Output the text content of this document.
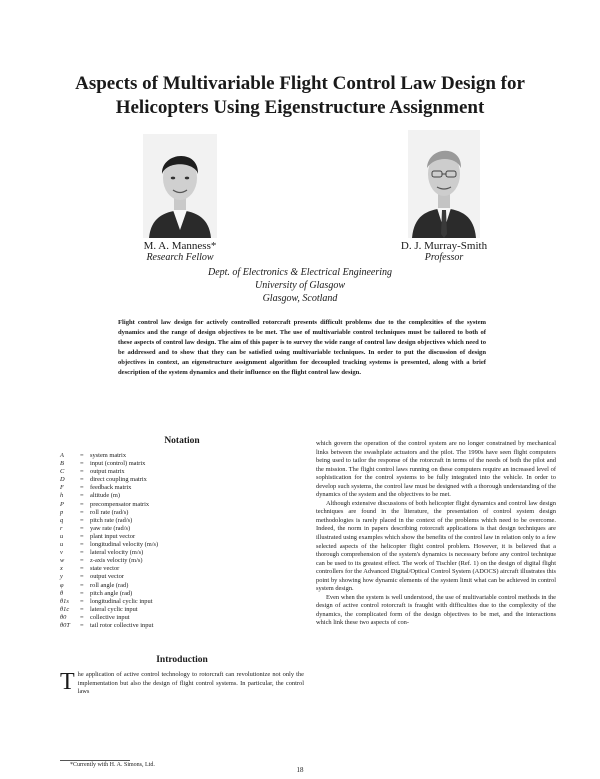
Aspects of Multivariable Flight Control Law Design for
Helicopters Using Eigenstructure Assignment
M. A. Manness*
Research Fellow
D. J. Murray-Smith
Professor
Dept. of Electronics & Electrical Engineering
University of Glasgow
Glasgow, Scotland
Flight control law design for actively controlled rotorcraft presents difficult problems due to the complexities of the system dynamics and the range of design objectives to be met. The use of multivariable control techniques must be tailored to both of these aspects of control law design. The aim of this paper is to survey the wide range of control law design objectives which need to be addressed and to show that they can be satisfied using multivariable techniques. In order to put the discussion of design objectives in context, an eigenstructure assignment algorithm for decoupled tracking systems is presented, along with a brief description of the system dynamics and their influence on the flight control law design.
Notation
A	= system matrix
B	= input (control) matrix
C	= output matrix
D	= direct coupling matrix
F	= feedback matrix
h	= altitude (m)
P	= precompensator matrix
p	= roll rate (rad/s)
q	= pitch rate (rad/s)
r	= yaw rate (rad/s)
u	= plant input vector
u	= longitudinal velocity (m/s)
v	= lateral velocity (m/s)
w	= z-axis velocity (m/s)
x	= state vector
y	= output vector
φ	= roll angle (rad)
θ	= pitch angle (rad)
θ1s	= longitudinal cyclic input
θ1c	= lateral cyclic input
θ0	= collective input
θ0T	= tail rotor collective input
Introduction
The application of active control technology to rotorcraft can revolutionize not only the implementation but also the design of flight control systems. In particular, the control laws
*Currently with H. A. Simons, Ltd.

which govern the operation of the control system are no longer constrained by mechanical links between the swashplate actuators and the pilot. The 1990s have seen flight computers being used to tailor the response of the rotorcraft in terms of the needs of both the pilot and the mission. The flight control laws running on these computers require an increased level of sophistication for the control systems to be fully integrated into the vehicle. In order to develop such systems, the control law must be designed with a thorough understanding of the dynamics of the system and the objectives to be met.

Although extensive discussions of both helicopter flight dynamics and control law design techniques are found in the literature, the presentation of control system design methodologies is rarely placed in the context of the problems which need to be overcome. Indeed, the norm in papers describing rotorcraft applications is that design techniques are illustrated using examples which show the benefits of the control law in relation only to a few selected aspects of the helicopter flight control problem. However, it is believed that a thorough comprehension of the system's dynamics is necessary before any control technique can be used to its greatest effect. The work of Tischler (Ref. 1) on the design of digital flight controllers for the Advanced Digital/Optical Control System (ADOCS) aircraft illustrates this point by showing how dynamic elements of the system limit what can be achieved in control system design.

Even when the system is well understood, the use of multivariable control methods in the design of active control rotorcraft is fraught with difficulties due to the complexity of the dynamics, the complicated form of the design objectives to be met, and the interactions which link these two aspects of con-

18
